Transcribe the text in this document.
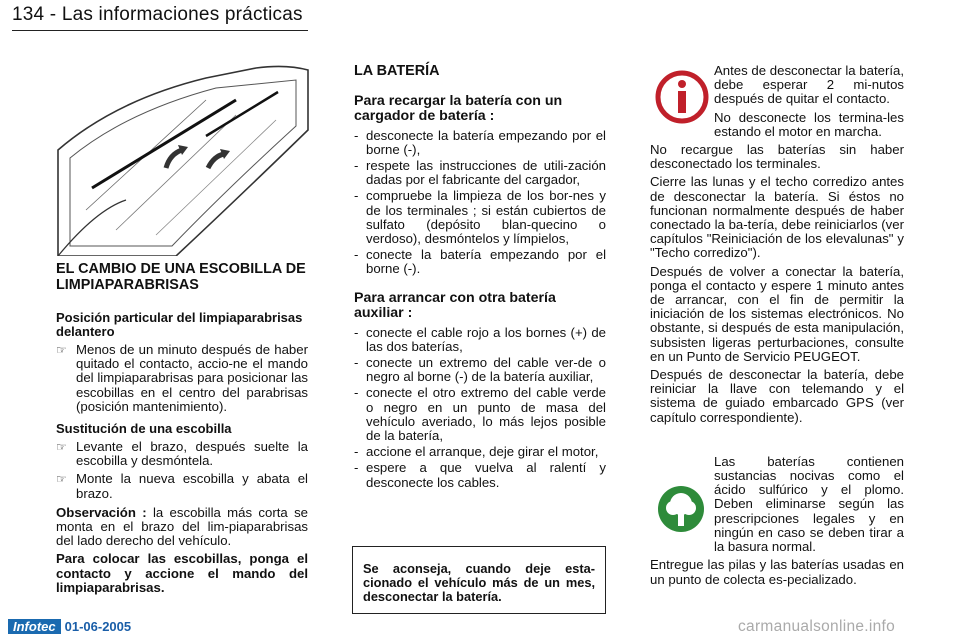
134 - Las informaciones prácticas
EL CAMBIO DE UNA ESCOBILLA DE LIMPIAPARABRISAS
Posición particular del limpiaparabrisas delantero
☞ Menos de un minuto después de haber quitado el contacto, accio-ne el mando del limpiaparabrisas para posicionar las escobillas en el centro del parabrisas (posición mantenimiento).
Sustitución de una escobilla
☞ Levante el brazo, después suelte la escobilla y desmóntela.
☞ Monte la nueva escobilla y abata el brazo.

Observación : la escobilla más corta se monta en el brazo del lim-piaparabrisas del lado derecho del vehículo.

Para colocar las escobillas, ponga el contacto y accione el mando del limpiaparabrisas.

LA BATERÍA
Para recargar la batería con un cargador de batería :
- desconecte la batería empezando por el borne (-),
- respete las instrucciones de utili-zación dadas por el fabricante del cargador,
- compruebe la limpieza de los bor-nes y de los terminales ; si están cubiertos de sulfato (depósito blan-quecino o verdoso), desmóntelos y límpielos,
- conecte la batería empezando por el borne (-).
Para arrancar con otra batería auxiliar :
- conecte el cable rojo a los bornes (+) de las dos baterías,
- conecte un extremo del cable ver-de o negro al borne (-) de la batería auxiliar,
- conecte el otro extremo del cable verde o negro en un punto de masa del vehículo averiado, lo más lejos posible de la batería,
- accione el arranque, deje girar el motor,
- espere a que vuelva al ralentí y desconecte los cables.

Se aconseja, cuando deje esta-cionado el vehículo más de un mes, desconectar la batería.

Antes de desconectar la batería, debe esperar 2 mi-nutos después de quitar el contacto.

No desconecte los termina-les estando el motor en marcha.

No recargue las baterías sin haber desconectado los terminales.

Cierre las lunas y el techo corredizo antes de desconectar la batería. Si éstos no funcionan normalmente después de haber conectado la ba-tería, debe reiniciarlos (ver capítulos "Reiniciación de los elevalunas" y "Techo corredizo").

Después de volver a conectar la batería, ponga el contacto y espere 1 minuto antes de arrancar, con el fin de permitir la iniciación de los sistemas electrónicos. No obstante, si después de esta manipulación, subsisten ligeras perturbaciones, consulte en un Punto de Servicio PEUGEOT.

Después de desconectar la batería, debe reiniciar la llave con telemando y el sistema de guiado embarcado GPS (ver capítulo correspondiente).

Las baterías contienen sustancias nocivas como el ácido sulfúrico y el plomo. Deben eliminarse según las prescripciones legales y en ningún en caso se deben tirar a la basura normal.

Entregue las pilas y las baterías usadas en un punto de colecta es-pecializado.

Infotec 01-06-2005	carmanualsonline.info
